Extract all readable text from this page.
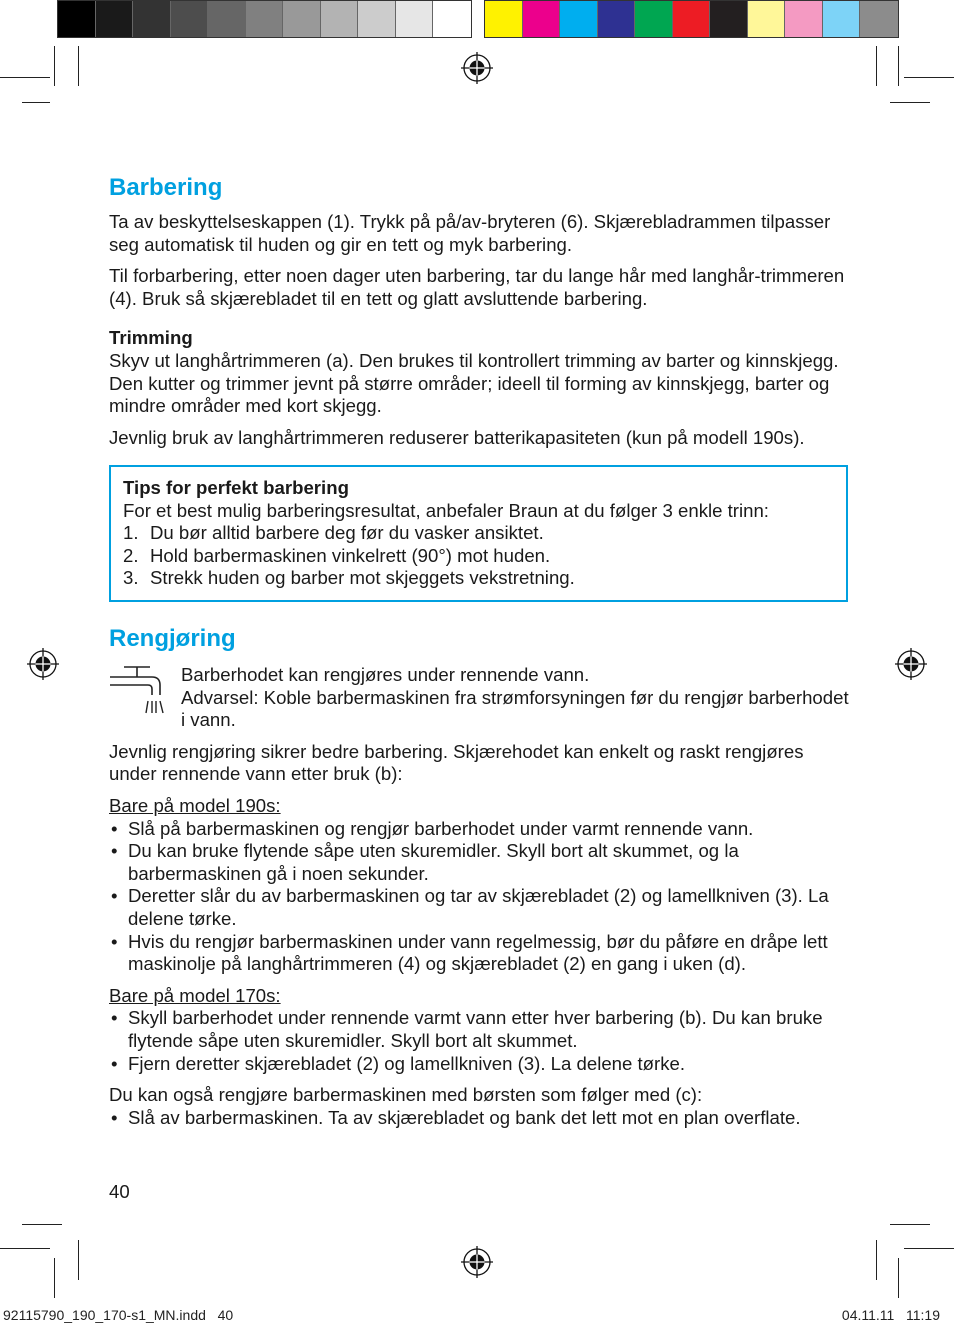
Barbering

Ta av beskyttelseskappen (1). Trykk på på/av-bryteren (6). Skjærebladrammen tilpasser seg automatisk til huden og gir en tett og myk barbering.

Til forbarbering, etter noen dager uten barbering, tar du lange hår med langhår-trimmeren (4). Bruk så skjærebladet til en tett og glatt avsluttende barbering.

Trimming

Skyv ut langhårtrimmeren (a). Den brukes til kontrollert trimming av barter og kinnskjegg. Den kutter og trimmer jevnt på større områder; ideell til forming av kinnskjegg, barter og mindre områder med kort skjegg.

Jevnlig bruk av langhårtrimmeren reduserer batterikapasiteten (kun på modell 190s).

Tips for perfekt barbering

For et best mulig barberingsresultat, anbefaler Braun at du følger 3 enkle trinn:

1. Du bør alltid barbere deg før du vasker ansiktet.
2. Hold barbermaskinen vinkelrett (90°) mot huden.
3. Strekk huden og barber mot skjeggets vekstretning.
Rengjøring

Barberhodet kan rengjøres under rennende vann.

Advarsel: Koble barbermaskinen fra strømforsyningen før du rengjør barberhodet i vann.

Jevnlig rengjøring sikrer bedre barbering. Skjærehodet kan enkelt og raskt rengjøres under rennende vann etter bruk (b):

Bare på model 190s:

• Slå på barbermaskinen og rengjør barberhodet under varmt rennende vann.
• Du kan bruke flytende såpe uten skuremidler. Skyll bort alt skummet, og la barbermaskinen gå i noen sekunder.
• Deretter slår du av barbermaskinen og tar av skjærebladet (2) og lamellkniven (3). La delene tørke.
• Hvis du rengjør barbermaskinen under vann regelmessig, bør du påføre en dråpe lett maskinolje på langhårtrimmeren (4) og skjærebladet (2) en gang i uken (d).

Bare på model 170s:

• Skyll barberhodet under rennende varmt vann etter hver barbering (b). Du kan bruke flytende såpe uten skuremidler. Skyll bort alt skummet.
• Fjern deretter skjærebladet (2) og lamellkniven (3). La delene tørke.

Du kan også rengjøre barbermaskinen med børsten som følger med (c):

• Slå av barbermaskinen. Ta av skjærebladet og bank det lett mot en plan overflate.
40
92115790_190_170-s1_MN.indd   40	04.11.11   11:19
